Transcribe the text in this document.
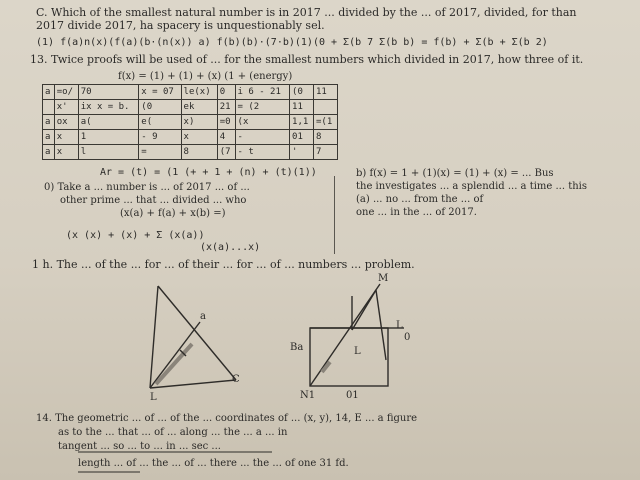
C. Which of the smallest natural number is in 2017 ... divided by the ... of 2017, divided, for than
2017 divide 2017, ha spacery is unquestionably sel.
(1) f(a)n(x)(f(a)(b·(n(x)) a) f(b)(b)·(7·b)(1)(0 + Σ(b 7 Σ(b b) = f(b) + Σ(b + Σ(b 2)
13. Twice proofs will be used of ... for the smallest numbers which divided in 2017, how three of it.
f(x) = (1) + (1) + (x) (1 + (energy)
a	=o/	70	x = 07	le(x)	0	i 6 - 21	(0	11
	x'	ix x = b.	(0	ek	21	= (2	11	
a	ox	a(	e(	x)	=0	(x	1,1	=(1
a	x	1	- 9	x	4	-	01	8
a	x	l	=	8	(7	- t	'	7
Ar = (t) = (1 (+ + 1 + (n) + (t)(1))
0) Take a ... number is ... of 2017 ... of ...
other prime ... that ... divided ... who
(x(a) + f(a) + x(b) =)
b) f(x) = 1 + (1)(x) = (1) + (x) = ... Bus
the investigates ... a splendid ... a time ... this
(a) ... no ... from the ... of
one ... in the ... of 2017.
(x (x) + (x) + Σ (x(a))
(x(a)...x)
1 h. The ... of the ... for ... of their ... for ... of ... numbers ... problem.
a
L
C
M
L
0
Ba	L
N1	01
14. The geometric ... of ... of the ... coordinates of ... (x, y), 14, E ... a figure
as to the ... that ... of ... along ... the ... a ... in
tangent ... so ... to ... in ... sec ...
length ... of ... the ... of ... there ... the ... of one 31 fd.
